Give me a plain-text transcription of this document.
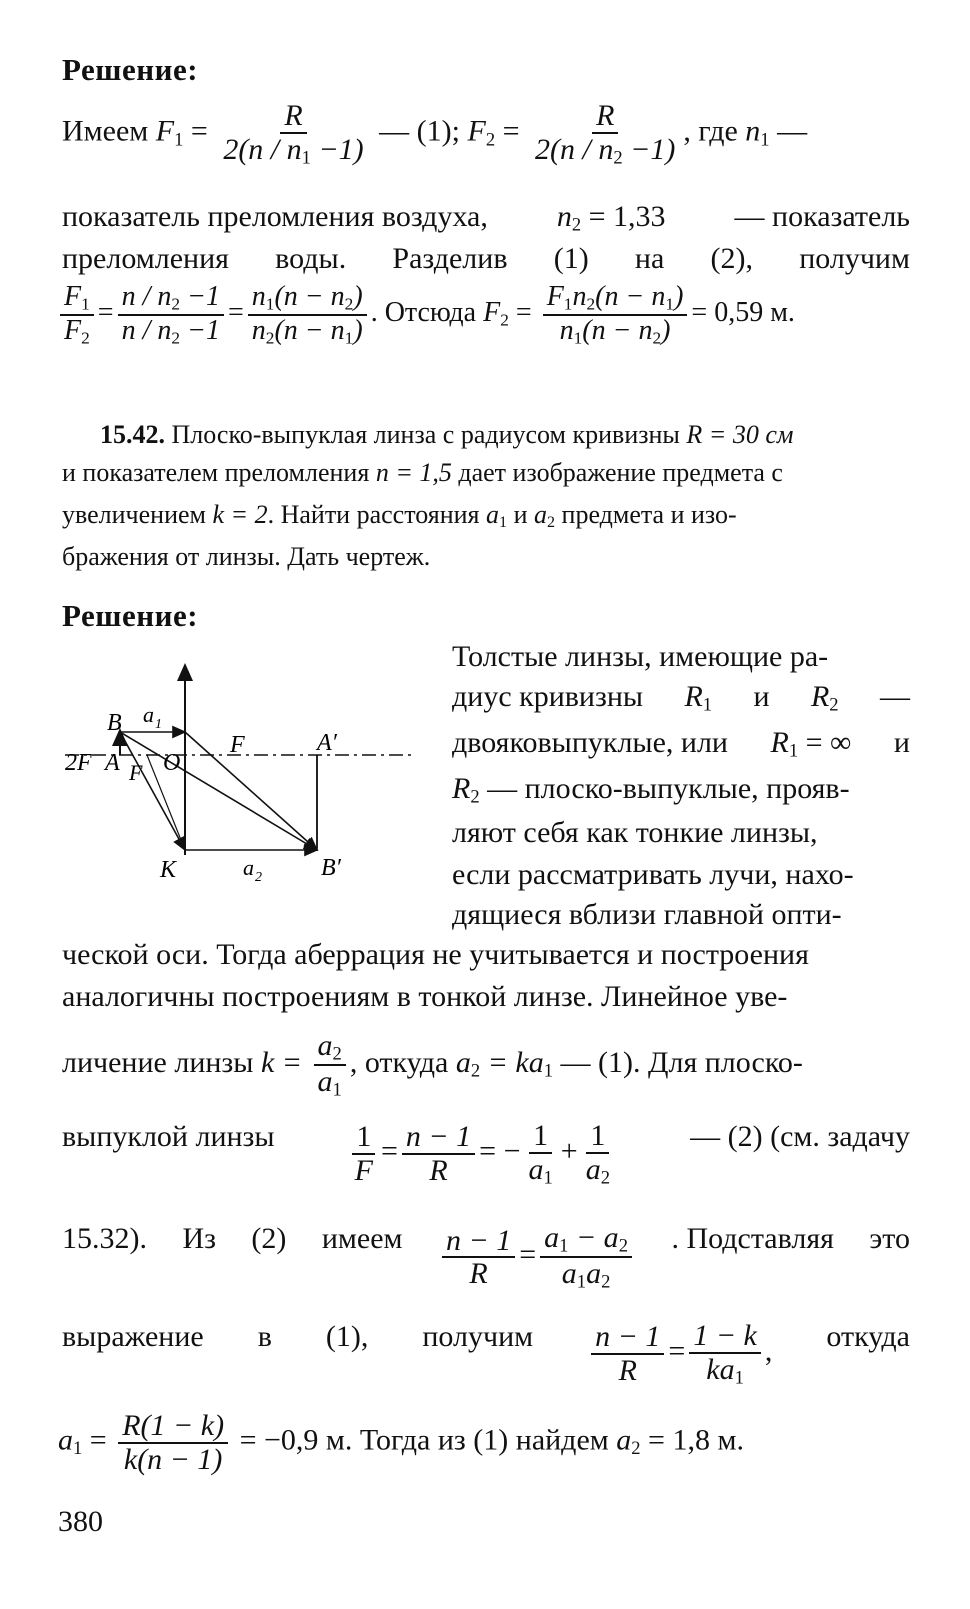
Решение:
Имеем $F_1 = \frac{R}{2(n / n_1 -1)}$ — (1); $F_2 = \frac{R}{2(n / n_2 -1)}$ , где $n_1$ —
показатель преломления воздуха, $n_2 = 1,33$ — показатель
преломления воды. Разделив (1) на (2), получим
$\frac{F_1}{F_2} = \frac{n / n_2 -1}{n / n_2 -1} = \frac{n_1(n - n_2)}{n_2(n - n_1)}$ . Отсюда $F_2 = \frac{F_1n_2(n - n_1)}{n_1(n - n_2)} = 0,59$ м.
15.42. Плоско-выпуклая линза с радиусом кривизны R = 30 см
и показателем преломления n = 1,5 дает изображение предмета с
увеличением k = 2. Найти расстояния $a_1$ и $a_2$ предмета и изо-
бражения от линзы. Дать чертеж.
Решение:
B a 1
F	A′
2F A F O
K	a 2 B′
Толстые линзы, имеющие ра-
диус кривизны $R_1$ и $R_2$ —
двояковыпуклые, или $R_1$ = ∞ и
$R_2$ — плоско-выпуклые, прояв-
ляют себя как тонкие линзы,
если рассматривать лучи, нахо-
дящиеся вблизи главной опти-
ческой оси. Тогда аберрация не учитывается и построения
аналогичны построениям в тонкой линзе. Линейное уве-
личение линзы $k = \frac{a_2}{a_1}$ , откуда $a_2 = ka_1$ — (1). Для плоско-
выпуклой линзы	$\frac{1}{F} = \frac{n - 1}{R}$ = − $\frac{1}{a_1} + \frac{1}{a_2}$	— (2) (см. задачу
15.32). Из (2) имеем $\frac{n - 1}{R} = \frac{a_1 - a_2}{a_1a_2}$ . Подставляя это
выражение в (1), получим $\frac{n - 1}{R} = \frac{1 - k}{ka_1}$ , откуда
$a_1 = \frac{R(1 - k)}{k(n - 1)} = -0,9$ м. Тогда из (1) найдем $a_2 = 1,8$ м.
380
